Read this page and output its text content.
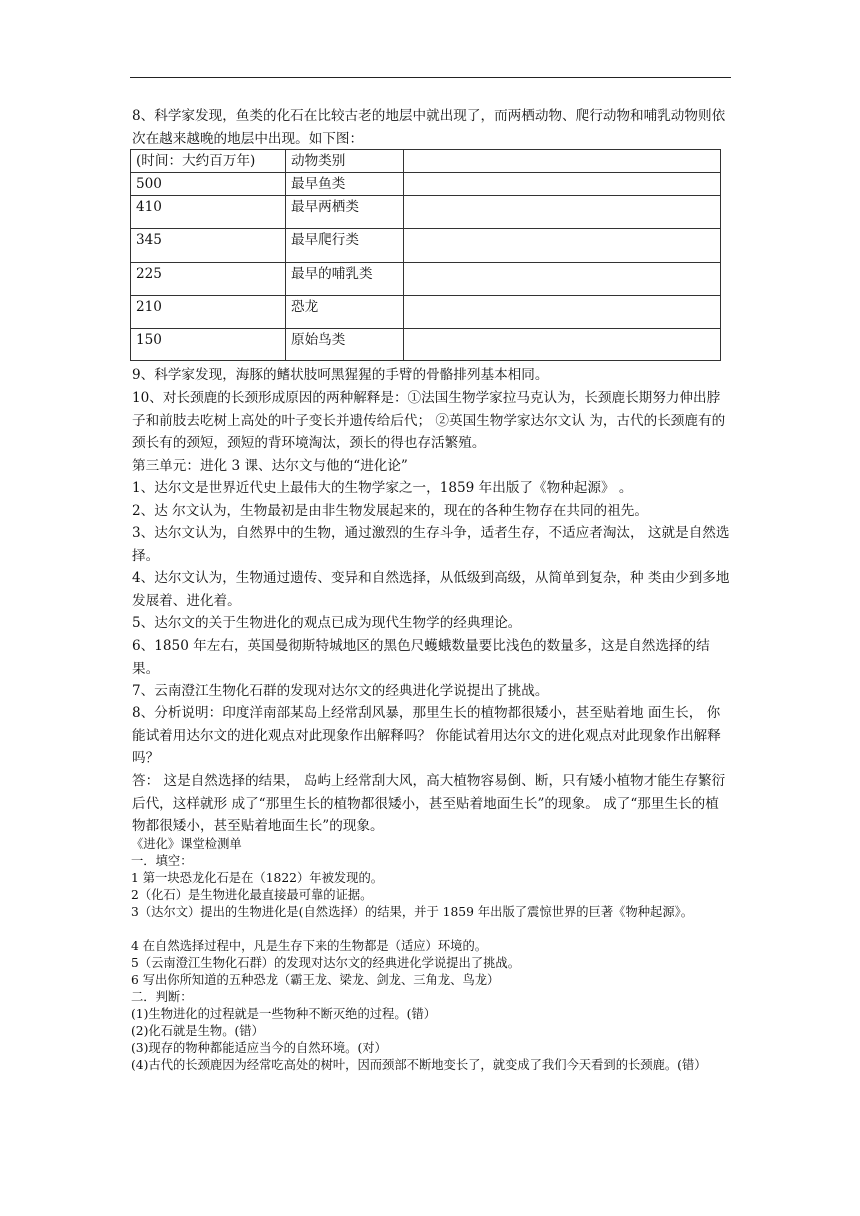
8、科学家发现，鱼类的化石在比较古老的地层中就出现了，而两栖动物、爬行动物和哺乳动物则依次在越来越晚的地层中出现。如下图：

(时间：大约百万年)	动物类别	
500	最早鱼类	
410	最早两栖类	
345	最早爬行类	
225	最早的哺乳类	
210	恐龙	
150	原始鸟类	

9、科学家发现，海豚的鳍状肢呵黑猩猩的手臂的骨骼排列基本相同。

10、对长颈鹿的长颈形成原因的两种解释是：①法国生物学家拉马克认为，长颈鹿长期努力伸出脖子和前肢去吃树上高处的叶子变长并遗传给后代； ②英国生物学家达尔文认 为，古代的长颈鹿有的颈长有的颈短，颈短的背环境淘汰，颈长的得也存活繁殖。

第三单元：进化 3 课、达尔文与他的“进化论”

1、达尔文是世界近代史上最伟大的生物学家之一，1859 年出版了《物种起源》 。

2、达 尔文认为，生物最初是由非生物发展起来的，现在的各种生物存在共同的祖先。

3、达尔文认为，自然界中的生物，通过激烈的生存斗争，适者生存，不适应者淘汰， 这就是自然选择。

4、达尔文认为，生物通过遗传、变异和自然选择，从低级到高级，从简单到复杂，种 类由少到多地发展着、进化着。

5、达尔文的关于生物进化的观点已成为现代生物学的经典理论。

6、1850 年左右，英国曼彻斯特城地区的黑色尺蠖蛾数量要比浅色的数量多，这是自然选择的结果。

7、云南澄江生物化石群的发现对达尔文的经典进化学说提出了挑战。

8、分析说明：印度洋南部某岛上经常刮风暴，那里生长的植物都很矮小，甚至贴着地 面生长， 你能试着用达尔文的进化观点对此现象作出解释吗？ 你能试着用达尔文的进化观点对此现象作出解释吗？

答： 这是自然选择的结果， 岛屿上经常刮大风，高大植物容易倒、断，只有矮小植物才能生存繁衍后代，这样就形 成了“那里生长的植物都很矮小，甚至贴着地面生长”的现象。 成了“那里生长的植物都很矮小，甚至贴着地面生长”的现象。

《进化》课堂检测单

一．填空：

1 第一块恐龙化石是在（1822）年被发现的。

2（化石）是生物进化最直接最可靠的证据。

3（达尔文）提出的生物进化是(自然选择）的结果，并于 1859 年出版了震惊世界的巨著《物种起源》。

4 在自然选择过程中，凡是生存下来的生物都是（适应）环境的。

5（云南澄江生物化石群）的发现对达尔文的经典进化学说提出了挑战。

6 写出你所知道的五种恐龙（霸王龙、梁龙、剑龙、三角龙、鸟龙）

二．判断：

(1)生物进化的过程就是一些物种不断灭绝的过程。(错）

(2)化石就是生物。(错）

(3)现存的物种都能适应当今的自然环境。(对）

(4)古代的长颈鹿因为经常吃高处的树叶，因而颈部不断地变长了，就变成了我们今天看到的长颈鹿。(错）
